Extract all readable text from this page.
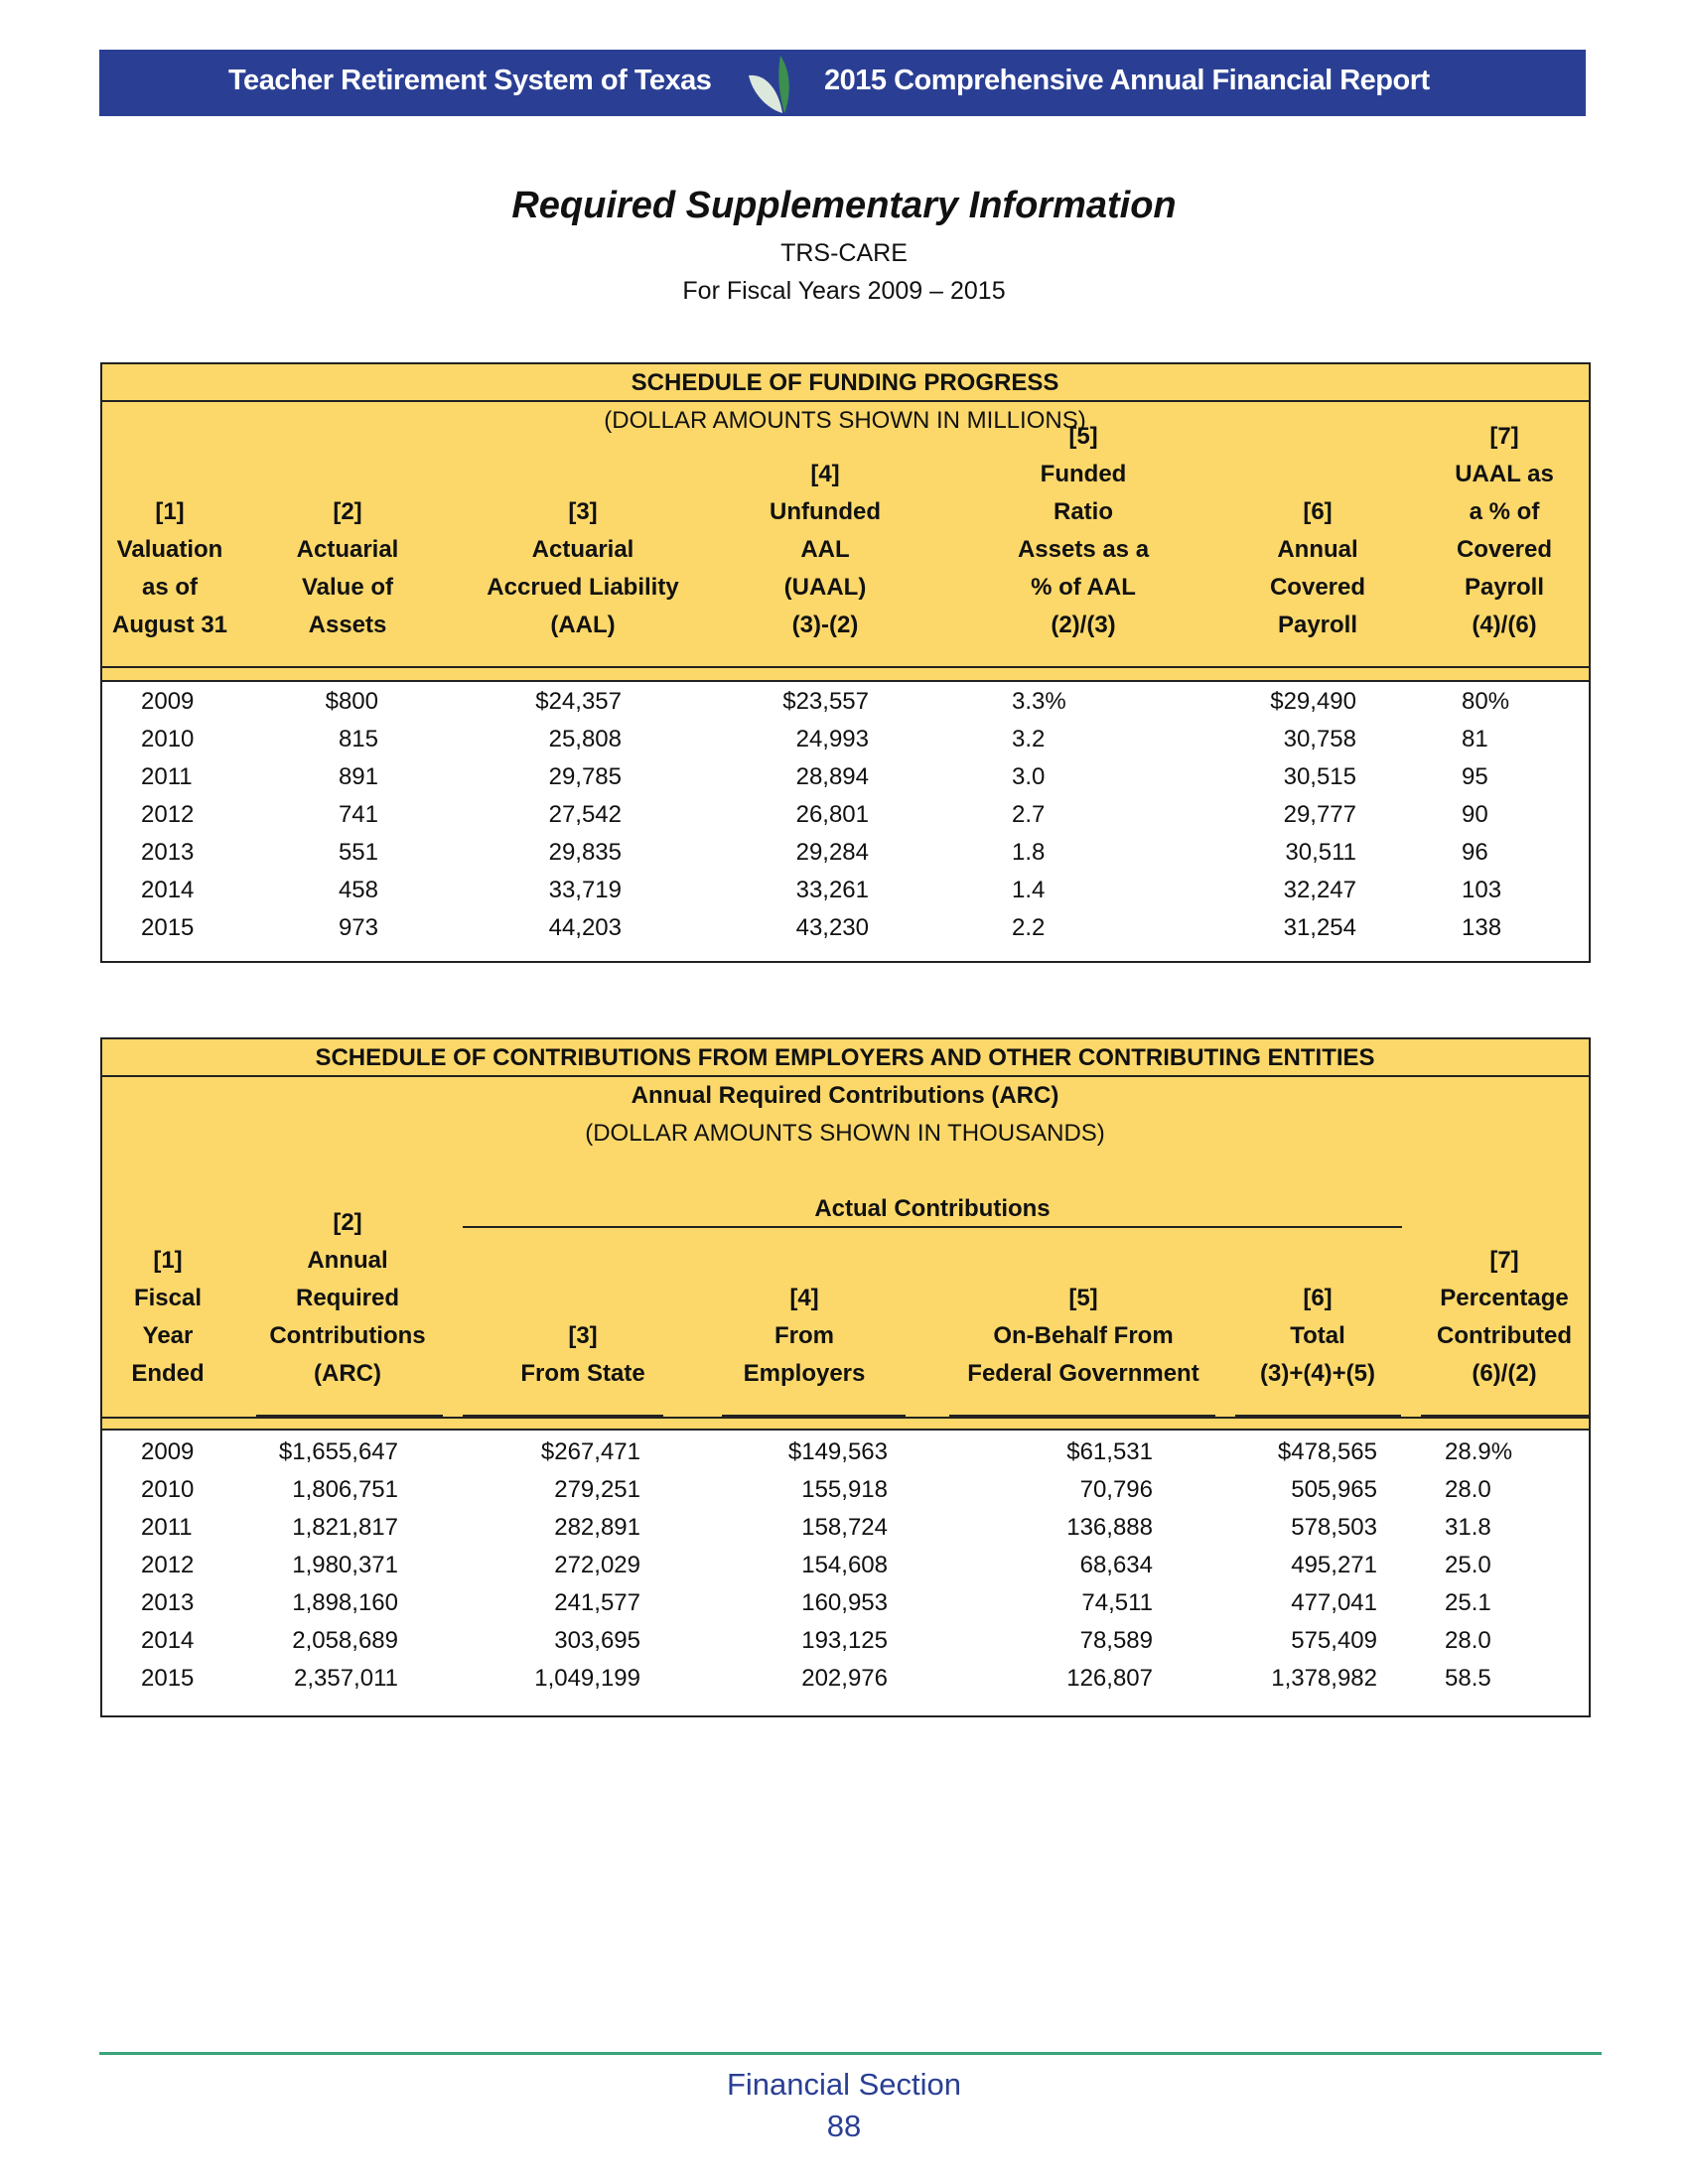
Teacher Retirement System of Texas	2015 Comprehensive Annual Financial Report
Required Supplementary Information
TRS-CARE
For Fiscal Years 2009 – 2015
SCHEDULE OF FUNDING PROGRESS
(DOLLAR AMOUNTS SHOWN IN MILLIONS)
[1]
Valuation
as of
August 31
[2]
Actuarial
Value of
Assets
[3]
Actuarial
Accrued Liability
(AAL)
[4]
Unfunded
AAL
(UAAL)
(3)-(2)
[5]
Funded
Ratio
Assets as a
% of AAL
(2)/(3)
[6]
Annual
Covered
Payroll
[7]
UAAL as
a % of
Covered
Payroll
(4)/(6)
2009	$800	$24,357	$23,557	3.3%	$29,490	80%
2010	815	25,808	24,993	3.2	30,758	81
2011	891	29,785	28,894	3.0	30,515	95
2012	741	27,542	26,801	2.7	29,777	90
2013	551	29,835	29,284	1.8	30,511	96
2014	458	33,719	33,261	1.4	32,247	103
2015	973	44,203	43,230	2.2	31,254	138
SCHEDULE OF CONTRIBUTIONS FROM EMPLOYERS AND OTHER CONTRIBUTING ENTITIES
Annual Required Contributions (ARC)
(DOLLAR AMOUNTS SHOWN IN THOUSANDS)
Actual Contributions
[1]
Fiscal
Year
Ended
[2]
Annual
Required
Contributions
(ARC)
[3]
From State
[4]
From
Employers
[5]
On-Behalf From
Federal Government
[6]
Total
(3)+(4)+(5)
[7]
Percentage
Contributed
(6)/(2)
2009	$1,655,647	$267,471	$149,563	$61,531	$478,565	28.9%
2010	1,806,751	279,251	155,918	70,796	505,965	28.0
2011	1,821,817	282,891	158,724	136,888	578,503	31.8
2012	1,980,371	272,029	154,608	68,634	495,271	25.0
2013	1,898,160	241,577	160,953	74,511	477,041	25.1
2014	2,058,689	303,695	193,125	78,589	575,409	28.0
2015	2,357,011	1,049,199	202,976	126,807	1,378,982	58.5
Financial Section
88
